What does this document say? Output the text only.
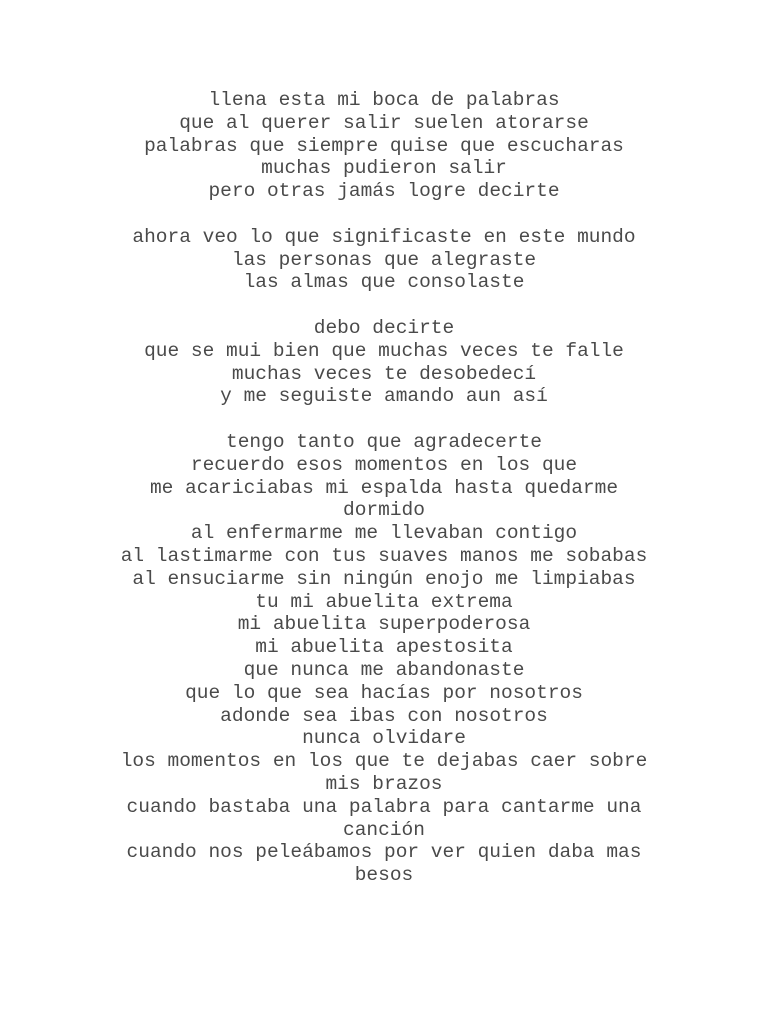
llena esta mi boca de palabras
que al querer salir suelen atorarse
palabras que siempre quise que escucharas
muchas pudieron salir
pero otras jamás logre decirte
ahora veo lo que significaste en este mundo
las personas que alegraste
las almas que consolaste
debo decirte
que se mui bien que muchas veces te falle
muchas veces te desobedecí
y me seguiste amando aun así
tengo tanto que agradecerte
recuerdo esos momentos en los que
me acariciabas mi espalda hasta quedarme
dormido
al enfermarme me llevaban contigo
al lastimarme con tus suaves manos me sobabas
al ensuciarme sin ningún enojo me limpiabas
tu mi abuelita extrema
mi abuelita superpoderosa
mi abuelita apestosita
que nunca me abandonaste
que lo que sea hacías por nosotros
adonde sea ibas con nosotros
nunca olvidare
los momentos en los que te dejabas caer sobre
mis brazos
cuando bastaba una palabra para cantarme una
canción
cuando nos peleábamos por ver quien daba mas
besos
